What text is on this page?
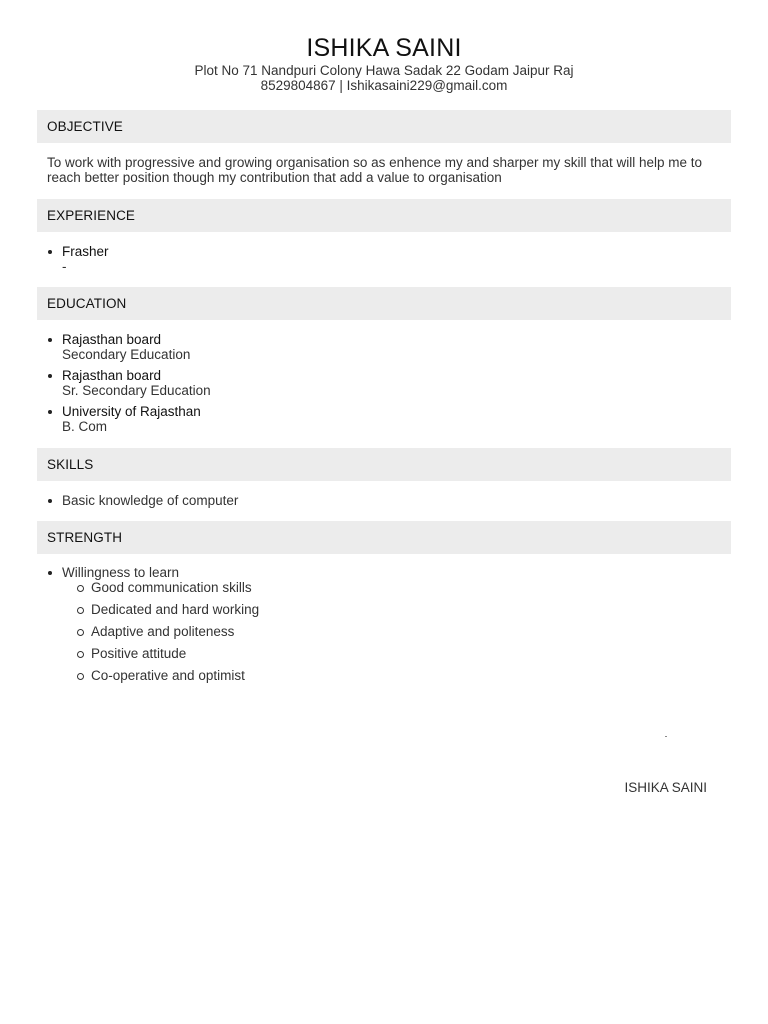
ISHIKA SAINI
Plot No 71 Nandpuri Colony Hawa Sadak 22 Godam Jaipur Raj
8529804867 | Ishikasaini229@gmail.com
OBJECTIVE
To work with progressive and growing organisation so as enhence my and sharper my skill that will help me to reach better position though my contribution that add a value to organisation
EXPERIENCE
Frasher
-
EDUCATION
Rajasthan board
Secondary Education
Rajasthan board
Sr. Secondary Education
University of Rajasthan
B. Com
SKILLS
Basic knowledge of computer
STRENGTH
Willingness to learn
Good communication skills
Dedicated and hard working
Adaptive and politeness
Positive attitude
Co-operative and optimist
ISHIKA SAINI
